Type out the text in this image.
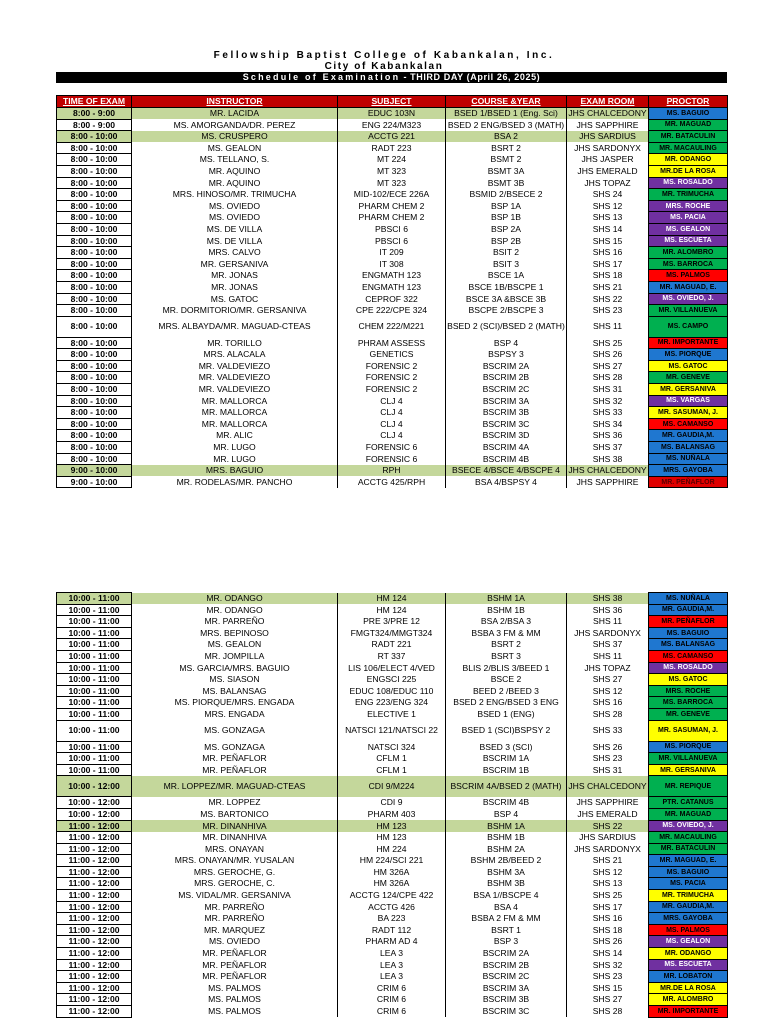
Fellowship Baptist College of Kabankalan, Inc.
City of Kabankalan
Schedule of Examination - THIRD DAY (April 26, 2025)
TIME OF EXAM	INSTRUCTOR	SUBJECT	COURSE &YEAR	EXAM ROOM	PROCTOR
8:00 - 9:00	MR. LACIDA	EDUC 103N	BSED 1/BSED 1 (Eng. Sci)	JHS CHALCEDONY	MS. BAGUIO
8:00 - 9:00	MS. AMORGANDA/DR. PEREZ	ENG 224/M323	BSED 2 ENG/BSED 3 (MATH)	JHS SAPPHIRE	MR. MAGUAD
8:00 - 10:00	MS. CRUSPERO	ACCTG 221	BSA 2	JHS SARDIUS	MR. BATACULIN
8:00 - 10:00	MS. GEALON	RADT 223	BSRT 2	JHS SARDONYX	MR. MACAULING
8:00 - 10:00	MS. TELLANO, S.	MT 224	BSMT 2	JHS JASPER	MR. ODANGO
8:00 - 10:00	MR. AQUINO	MT 323	BSMT 3A	JHS EMERALD	MR.DE LA ROSA
8:00 - 10:00	MR. AQUINO	MT 323	BSMT 3B	JHS TOPAZ	MS. ROSALDO
8:00 - 10:00	MRS. HINOSO/MR. TRIMUCHA	MID-102/ECE 226A	BSMID 2/BSECE 2	SHS 24	MR. TRIMUCHA
8:00 - 10:00	MS. OVIEDO	PHARM CHEM 2	BSP 1A	SHS 12	MRS. ROCHE
8:00 - 10:00	MS. OVIEDO	PHARM CHEM 2	BSP 1B	SHS 13	MS. PACIA
8:00 - 10:00	MS. DE VILLA	PBSCI 6	BSP 2A	SHS 14	MS. GEALON
8:00 - 10:00	MS. DE VILLA	PBSCI 6	BSP 2B	SHS 15	MS. ESCUETA
8:00 - 10:00	MRS. CALVO	IT 209	BSIT 2	SHS 16	MR. ALOMBRO
8:00 - 10:00	MR. GERSANIVA	IT 308	BSIT 3	SHS 17	MS. BARROCA
8:00 - 10:00	MR. JONAS	ENGMATH 123	BSCE 1A	SHS 18	MS. PALMOS
8:00 - 10:00	MR. JONAS	ENGMATH 123	BSCE 1B/BSCPE 1	SHS 21	MR. MAGUAD, E.
8:00 - 10:00	MS. GATOC	CEPROF 322	BSCE 3A &BSCE 3B	SHS 22	MS. OVIEDO, J.
8:00 - 10:00	MR. DORMITORIO/MR. GERSANIVA	CPE 222/CPE 324	BSCPE 2/BSCPE 3	SHS 23	MR. VILLANUEVA
8:00 - 10:00	MRS. ALBAYDA/MR. MAGUAD-CTEAS	CHEM 222/M221	BSED 2 (SCI)/BSED 2 (MATH)	SHS 11	MS. CAMPO
8:00 - 10:00	MR. TORILLO	PHRAM ASSESS	BSP 4	SHS 25	MR. IMPORTANTE
8:00 - 10:00	MRS. ALACALA	GENETICS	BSPSY 3	SHS 26	MS. PIORQUE
8:00 - 10:00	MR. VALDEVIEZO	FORENSIC 2	BSCRIM 2A	SHS 27	MS. GATOC
8:00 - 10:00	MR. VALDEVIEZO	FORENSIC 2	BSCRIM 2B	SHS 28	MR. GENEVE
8:00 - 10:00	MR. VALDEVIEZO	FORENSIC 2	BSCRIM 2C	SHS 31	MR. GERSANIVA
8:00 - 10:00	MR. MALLORCA	CLJ 4	BSCRIM 3A	SHS 32	MS. VARGAS
8:00 - 10:00	MR. MALLORCA	CLJ 4	BSCRIM 3B	SHS 33	MR. SASUMAN, J.
8:00 - 10:00	MR. MALLORCA	CLJ 4	BSCRIM 3C	SHS 34	MS. CAMANSO
8:00 - 10:00	MR. ALIC	CLJ 4	BSCRIM 3D	SHS 36	MR. GAUDIA,M.
8:00 - 10:00	MR. LUGO	FORENSIC 6	BSCRIM 4A	SHS 37	MS. BALANSAG
8:00 - 10:00	MR. LUGO	FORENSIC 6	BSCRIM 4B	SHS 38	MS. NUÑALA
9:00 - 10:00	MRS. BAGUIO	RPH	BSECE 4/BSCE 4/BSCPE 4	JHS CHALCEDONY	MRS. GAYOBA
9:00 - 10:00	MR. RODELAS/MR. PANCHO	ACCTG 425/RPH	BSA 4/BSPSY 4	JHS SAPPHIRE	MR. PEÑAFLOR
10:00 - 11:00	MR. ODANGO	HM 124	BSHM 1A	SHS 38	MS. NUÑALA
10:00 - 11:00	MR. ODANGO	HM 124	BSHM 1B	SHS 36	MR. GAUDIA,M.
10:00 - 11:00	MR. PARREÑO	PRE 3/PRE 12	BSA 2/BSA 3	SHS 11	MR. PEÑAFLOR
10:00 - 11:00	MRS. BEPINOSO	FMGT324/MMGT324	BSBA 3 FM & MM	JHS SARDONYX	MS. BAGUIO
10:00 - 11:00	MS. GEALON	RADT 221	BSRT 2	SHS 37	MS. BALANSAG
10:00 - 11:00	MR. JOMPILLA	RT 337	BSRT 3	SHS 11	MS. CAMANSO
10:00 - 11:00	MS. GARCIA/MRS. BAGUIO	LIS 106/ELECT 4/VED	BLIS 2/BLIS 3/BEED 1	JHS TOPAZ	MS. ROSALDO
10:00 - 11:00	MS. SIASON	ENGSCI 225	BSCE 2	SHS 27	MS. GATOC
10:00 - 11:00	MS. BALANSAG	EDUC 108/EDUC 110	BEED 2 /BEED 3	SHS 12	MRS. ROCHE
10:00 - 11:00	MS. PIORQUE/MRS. ENGADA	ENG 223/ENG 324	BSED 2 ENG/BSED 3 ENG	SHS 16	MS. BARROCA
10:00 - 11:00	MRS. ENGADA	ELECTIVE 1	BSED 1 (ENG)	SHS 28	MR. GENEVE
10:00 - 11:00	MS. GONZAGA	NATSCI 121/NATSCI 22	BSED 1 (SCI)BSPSY 2	SHS 33	MR. SASUMAN, J.
10:00 - 11:00	MS. GONZAGA	NATSCI 324	BSED 3 (SCI)	SHS 26	MS. PIORQUE
10:00 - 11:00	MR. PEÑAFLOR	CFLM 1	BSCRIM 1A	SHS 23	MR. VILLANUEVA
10:00 - 11:00	MR. PEÑAFLOR	CFLM 1	BSCRIM 1B	SHS 31	MR. GERSANIVA
10:00 - 12:00	MR. LOPPEZ/MR. MAGUAD-CTEAS	CDI 9/M224	BSCRIM 4A/BSED 2 (MATH)	JHS CHALCEDONY	MR. REPIQUE
10:00 - 12:00	MR. LOPPEZ	CDI 9	BSCRIM 4B	JHS SAPPHIRE	PTR. CATANUS
10:00 - 12:00	MS. BARTONICO	PHARM 403	BSP 4	JHS EMERALD	MR. MAGUAD
11:00 - 12:00	MR. DINANHIVA	HM 123	BSHM 1A	SHS 22	MS. OVIEDO, J.
11:00 - 12:00	MR. DINANHIVA	HM 123	BSHM 1B	JHS SARDIUS	MR. MACAULING
11:00 - 12:00	MRS. ONAYAN	HM 224	BSHM 2A	JHS SARDONYX	MR. BATACULIN
11:00 - 12:00	MRS. ONAYAN/MR. YUSALAN	HM 224/SCI 221	BSHM 2B/BEED 2	SHS 21	MR. MAGUAD, E.
11:00 - 12:00	MRS. GEROCHE, G.	HM 326A	BSHM 3A	SHS 12	MS. BAGUIO
11:00 - 12:00	MRS. GEROCHE, C.	HM 326A	BSHM 3B	SHS 13	MS. PACIA
11:00 - 12:00	MS. VIDAL/MR. GERSANIVA	ACCTG 124/CPE 422	BSA 1//BSCPE 4	SHS 25	MR. TRIMUCHA
11:00 - 12:00	MR. PARREÑO	ACCTG 426	BSA 4	SHS 17	MR. GAUDIA,M.
11:00 - 12:00	MR. PARREÑO	BA 223	BSBA 2 FM & MM	SHS 16	MRS. GAYOBA
11:00 - 12:00	MR. MARQUEZ	RADT 112	BSRT 1	SHS 18	MS. PALMOS
11:00 - 12:00	MS. OVIEDO	PHARM AD 4	BSP 3	SHS 26	MS. GEALON
11:00 - 12:00	MR. PEÑAFLOR	LEA 3	BSCRIM 2A	SHS 14	MR. ODANGO
11:00 - 12:00	MR. PEÑAFLOR	LEA 3	BSCRIM 2B	SHS 32	MS. ESCUETA
11:00 - 12:00	MR. PEÑAFLOR	LEA 3	BSCRIM 2C	SHS 23	MR. LOBATON
11:00 - 12:00	MS. PALMOS	CRIM 6	BSCRIM 3A	SHS 15	MR.DE LA ROSA
11:00 - 12:00	MS. PALMOS	CRIM 6	BSCRIM 3B	SHS 27	MR. ALOMBRO
11:00 - 12:00	MS. PALMOS	CRIM 6	BSCRIM 3C	SHS 28	MR. IMPORTANTE
